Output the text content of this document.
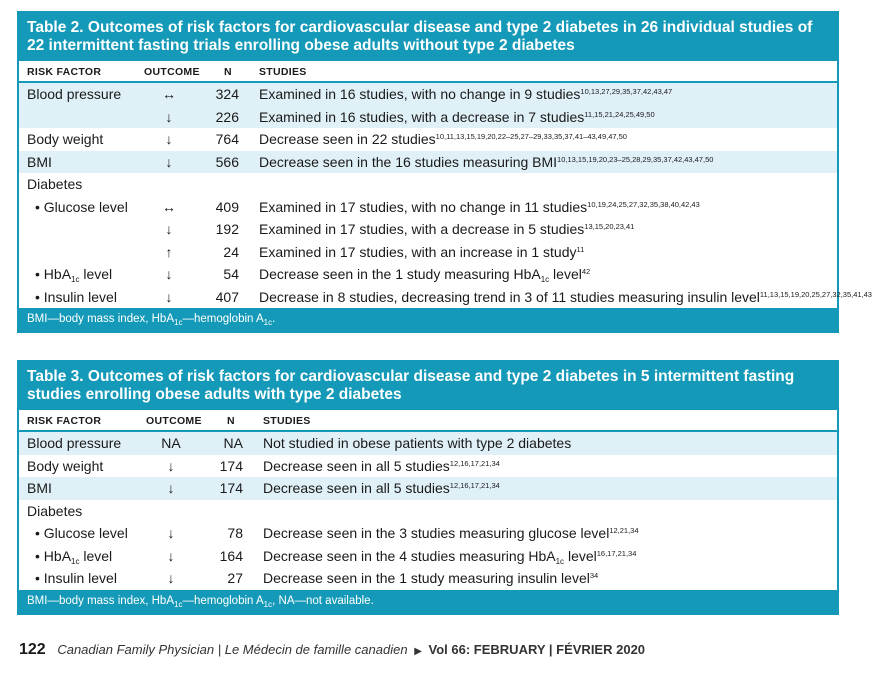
Table 2. Outcomes of risk factors for cardiovascular disease and type 2 diabetes in 26 individual studies of 22 intermittent fasting trials enrolling obese adults without type 2 diabetes
RISK FACTOR	OUTCOME N	STUDIES
Blood pressure	↔	324 Examined in 16 studies, with no change in 9 studies$^{10,13,27,29,35,37,42,43,47}$
↓	226 Examined in 16 studies, with a decrease in 7 studies$^{11,15,21,24,25,49,50}$
Body weight	↓	764 Decrease seen in 22 studies$^{10,11,13,15,19,20,22-25,27-29,33,35,37,41-43,49,47,50}$
BMI	↓	566 Decrease seen in the 16 studies measuring BMI$^{10,13,15,19,20,23-25,28,29,35,37,42,43,47,50}$
Diabetes
• Glucose level	↔	409 Examined in 17 studies, with no change in 11 studies$^{10,19,24,25,27,32,35,38,40,42,43}$
↓	192 Examined in 17 studies, with a decrease in 5 studies$^{13,15,20,23,41}$
↑	24 Examined in 17 studies, with an increase in 1 study$^{11}$
• HbA$_{1c}$ level	↓	54 Decrease seen in the 1 study measuring HbA$_{1c}$ level$^{42}$
• Insulin level	↓	407 Decrease in 8 studies, decreasing trend in 3 of 11 studies measuring insulin level$^{11,13,15,19,20,25,27,32,35,41,43}$
BMI—body mass index, HbA$_{1c}$—hemoglobin $A_{1c}$.
Table 3. Outcomes of risk factors for cardiovascular disease and type 2 diabetes in 5 intermittent fasting studies enrolling obese adults with type 2 diabetes
RISK FACTOR	OUTCOME N	STUDIES
Blood pressure	NA	NA Not studied in obese patients with type 2 diabetes
Body weight	↓	174 Decrease seen in all 5 studies$^{12,16,17,21,34}$
BMI	↓	174 Decrease seen in all 5 studies$^{12,16,17,21,34}$
Diabetes
• Glucose level	↓	78 Decrease seen in the 3 studies measuring glucose level$^{12,21,34}$
• HbA$_{1c}$ level	↓	164 Decrease seen in the 4 studies measuring HbA$_{1c}$ level$^{16,17,21,34}$
• Insulin level	↓	27 Decrease seen in the 1 study measuring insulin level$^{34}$
BMI—body mass index, HbA$_{1c}$—hemoglobin $A_{1c}$, NA—not available.
122 Canadian Family Physician | Le Médecin de famille canadien ▶ Vol 66: FEBRUARY | FÉVRIER 2020
